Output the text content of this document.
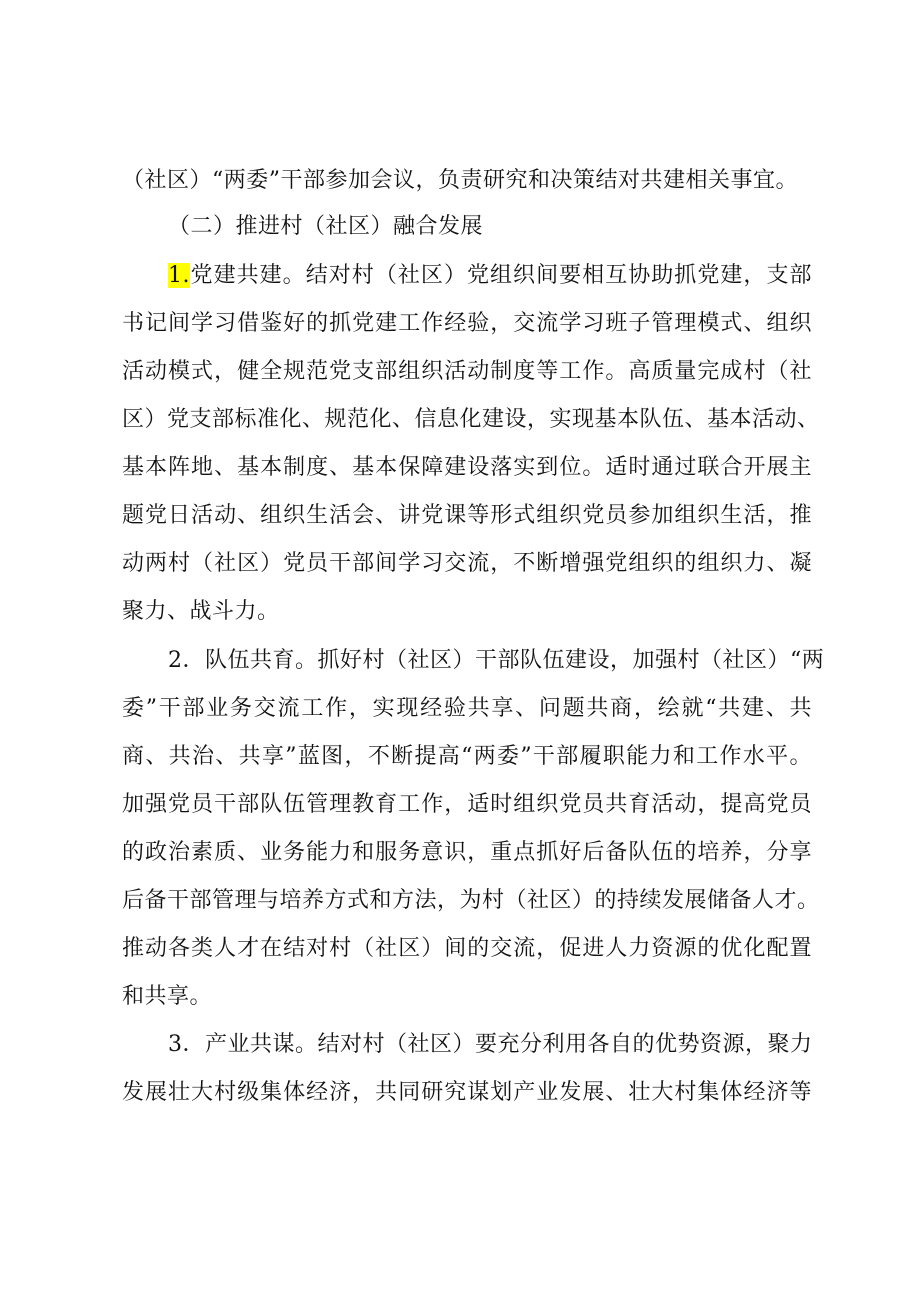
（社区）“两委”干部参加会议，负责研究和决策结对共建相关事宜。
（二）推进村（社区）融合发展
1.党建共建。结对村（社区）党组织间要相互协助抓党建，支部
书记间学习借鉴好的抓党建工作经验，交流学习班子管理模式、组织
活动模式，健全规范党支部组织活动制度等工作。高质量完成村（社
区）党支部标准化、规范化、信息化建设，实现基本队伍、基本活动、
基本阵地、基本制度、基本保障建设落实到位。适时通过联合开展主
题党日活动、组织生活会、讲党课等形式组织党员参加组织生活，推
动两村（社区）党员干部间学习交流，不断增强党组织的组织力、凝
聚力、战斗力。
2．队伍共育。抓好村（社区）干部队伍建设，加强村（社区）“两
委”干部业务交流工作，实现经验共享、问题共商，绘就“共建、共
商、共治、共享”蓝图，不断提高“两委”干部履职能力和工作水平。
加强党员干部队伍管理教育工作，适时组织党员共育活动，提高党员
的政治素质、业务能力和服务意识，重点抓好后备队伍的培养，分享
后备干部管理与培养方式和方法，为村（社区）的持续发展储备人才。
推动各类人才在结对村（社区）间的交流，促进人力资源的优化配置
和共享。
3．产业共谋。结对村（社区）要充分利用各自的优势资源，聚力
发展壮大村级集体经济，共同研究谋划产业发展、壮大村集体经济等
